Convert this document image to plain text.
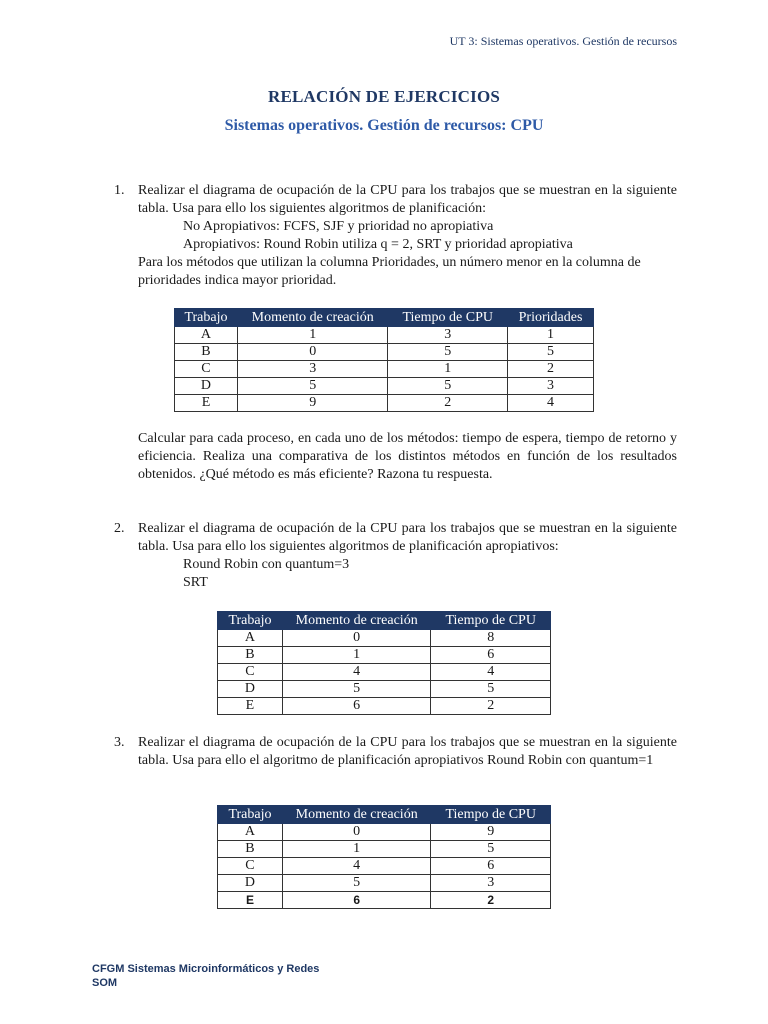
UT 3: Sistemas operativos. Gestión de recursos
RELACIÓN DE EJERCICIOS
Sistemas operativos. Gestión de recursos: CPU
1. Realizar el diagrama de ocupación de la CPU para los trabajos que se muestran en la siguiente tabla. Usa para ello los siguientes algoritmos de planificación:

No Apropiativos: FCFS, SJF y prioridad no apropiativa

Apropiativos: Round Robin utiliza q = 2, SRT y prioridad apropiativa

Para los métodos que utilizan la columna Prioridades, un número menor en la columna de prioridades indica mayor prioridad.

Trabajo	Momento de creación	Tiempo de CPU	Prioridades
A	1	3	1
B	0	5	5
C	3	1	2
D	5	5	3
E	9	2	4

Calcular para cada proceso, en cada uno de los métodos: tiempo de espera, tiempo de retorno y eficiencia. Realiza una comparativa de los distintos métodos en función de los resultados obtenidos. ¿Qué método es más eficiente? Razona tu respuesta.

2. Realizar el diagrama de ocupación de la CPU para los trabajos que se muestran en la siguiente tabla. Usa para ello los siguientes algoritmos de planificación apropiativos:

Round Robin con quantum=3

SRT

Trabajo	Momento de creación	Tiempo de CPU
A	0	8
B	1	6
C	4	4
D	5	5
E	6	2
3. Realizar el diagrama de ocupación de la CPU para los trabajos que se muestran en la siguiente tabla. Usa para ello el algoritmo de planificación apropiativos Round Robin con quantum=1

Trabajo	Momento de creación	Tiempo de CPU
A	0	9
B	1	5
C	4	6
D	5	3
E	6	2
CFGM Sistemas Microinformáticos y Redes
SOM
